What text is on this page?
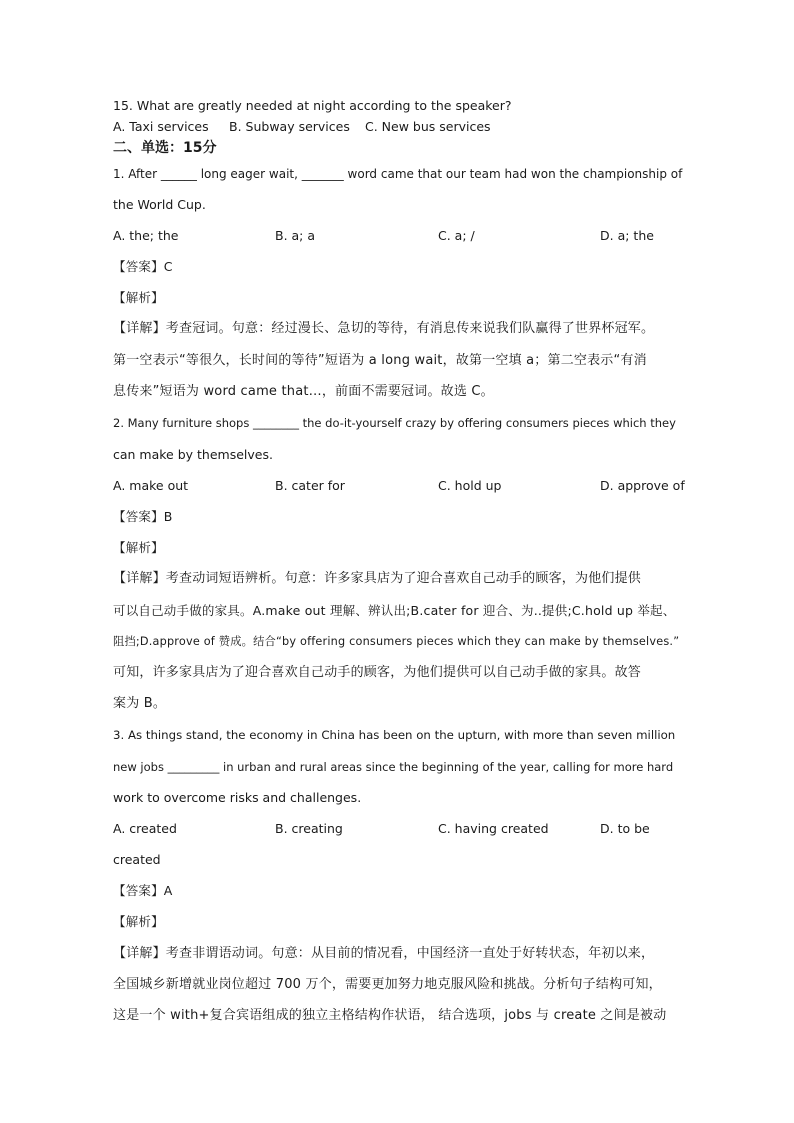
15. What are greatly needed at night according to the speaker?
A. Taxi services B. Subway services C. New bus services
二、单选：15分
1. After ______ long eager wait, _______ word came that our team had won the championship of
the World Cup.
A. the; the	B. a; a	C. a; /	D. a; the
【答案】C
【解析】
【详解】考查冠词。句意：经过漫长、急切的等待，有消息传来说我们队赢得了世界杯冠军。
第一空表示“等很久，长时间的等待”短语为 a long wait，故第一空填 a；第二空表示“有消
息传来”短语为 word came that…，前面不需要冠词。故选 C。
2. Many furniture shops ________ the do-it-yourself crazy by offering consumers pieces which they
can make by themselves.
A. make out	B. cater for	C. hold up	D. approve of
【答案】B
【解析】
【详解】考查动词短语辨析。句意：许多家具店为了迎合喜欢自己动手的顾客，为他们提供
可以自己动手做的家具。A.make out 理解、辨认出;B.cater for 迎合、为..提供;C.hold up 举起、
阻挡;D.approve of 赞成。结合“by offering consumers pieces which they can make by themselves.”
可知，许多家具店为了迎合喜欢自己动手的顾客，为他们提供可以自己动手做的家具。故答
案为 B。
3. As things stand, the economy in China has been on the upturn, with more than seven million
new jobs _________ in urban and rural areas since the beginning of the year, calling for more hard
work to overcome risks and challenges.
A. created	B. creating	C. having created	D. to be
created
【答案】A
【解析】
【详解】考查非谓语动词。句意：从目前的情况看，中国经济一直处于好转状态，年初以来，
全国城乡新增就业岗位超过 700 万个，需要更加努力地克服风险和挑战。分析句子结构可知，
这是一个 with+复合宾语组成的独立主格结构作状语， 结合选项，jobs 与 create 之间是被动
